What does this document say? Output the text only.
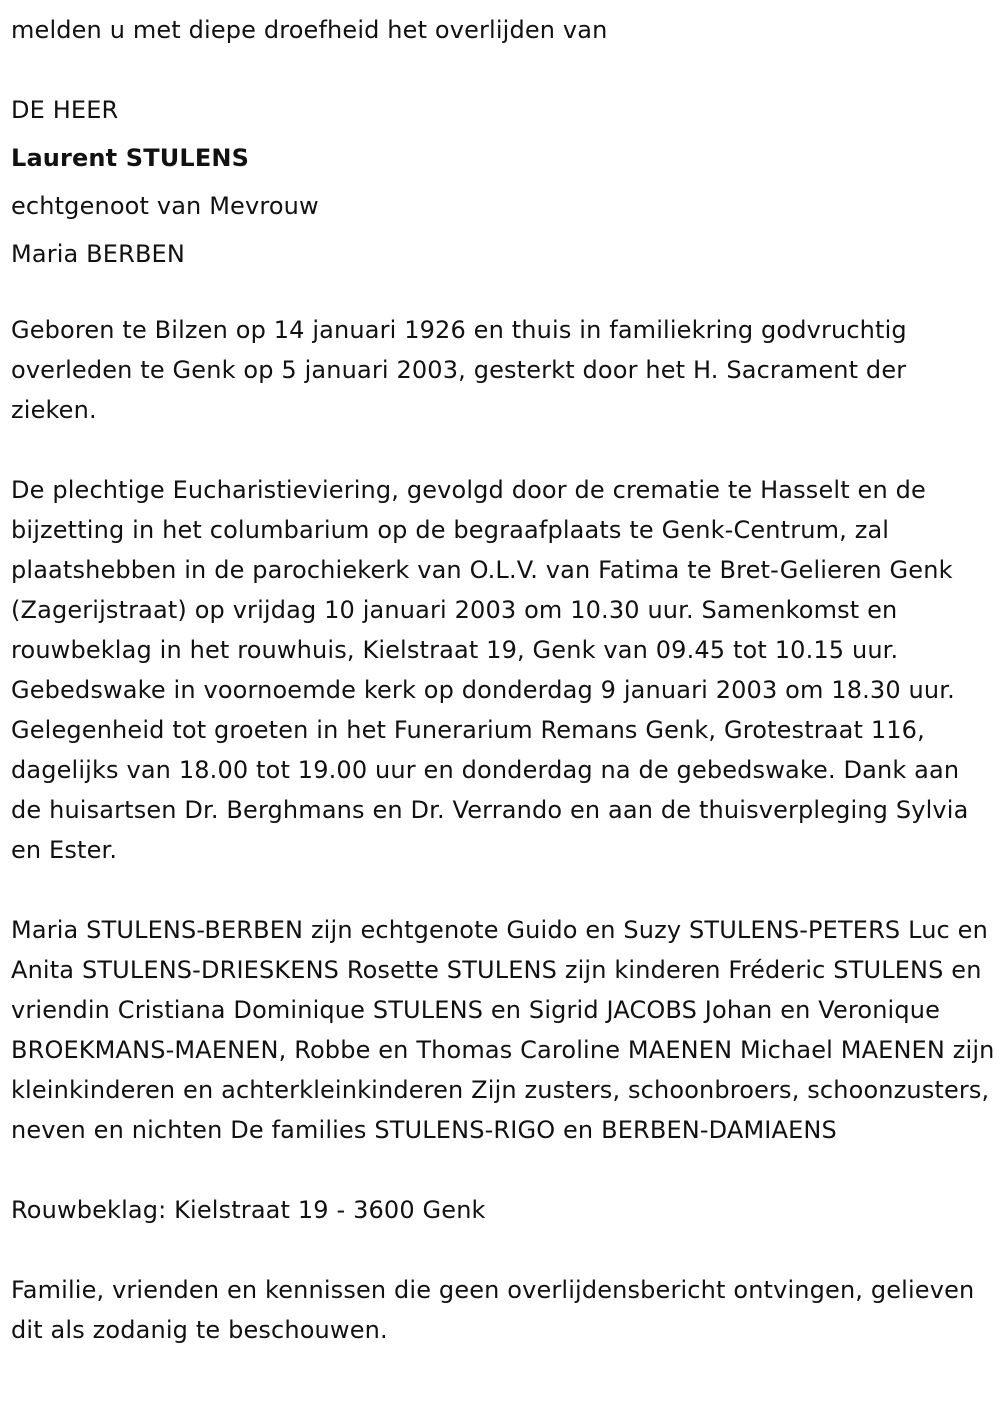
melden u met diepe droefheid het overlijden van
DE HEER
Laurent STULENS
echtgenoot van Mevrouw
Maria BERBEN

Geboren te Bilzen op 14 januari 1926 en thuis in familiekring godvruchtig overleden te Genk op 5 januari 2003, gesterkt door het H. Sacrament der zieken.

De plechtige Eucharistieviering, gevolgd door de crematie te Hasselt en de bijzetting in het columbarium op de begraafplaats te Genk-Centrum, zal plaatshebben in de parochiekerk van O.L.V. van Fatima te Bret-Gelieren Genk (Zagerijstraat) op vrijdag 10 januari 2003 om 10.30 uur. Samenkomst en rouwbeklag in het rouwhuis, Kielstraat 19, Genk van 09.45 tot 10.15 uur. Gebedswake in voornoemde kerk op donderdag 9 januari 2003 om 18.30 uur. Gelegenheid tot groeten in het Funerarium Remans Genk, Grotestraat 116, dagelijks van 18.00 tot 19.00 uur en donderdag na de gebedswake. Dank aan de huisartsen Dr. Berghmans en Dr. Verrando en aan de thuisverpleging Sylvia en Ester.

Maria STULENS-BERBEN zijn echtgenote Guido en Suzy STULENS-PETERS Luc en Anita STULENS-DRIESKENS Rosette STULENS zijn kinderen Fréderic STULENS en vriendin Cristiana Dominique STULENS en Sigrid JACOBS Johan en Veronique BROEKMANS-MAENEN, Robbe en Thomas Caroline MAENEN Michael MAENEN zijn kleinkinderen en achterkleinkinderen Zijn zusters, schoonbroers, schoonzusters, neven en nichten De families STULENS-RIGO en BERBEN-DAMIAENS

Rouwbeklag: Kielstraat 19 - 3600 Genk

Familie, vrienden en kennissen die geen overlijdensbericht ontvingen, gelieven dit als zodanig te beschouwen.
